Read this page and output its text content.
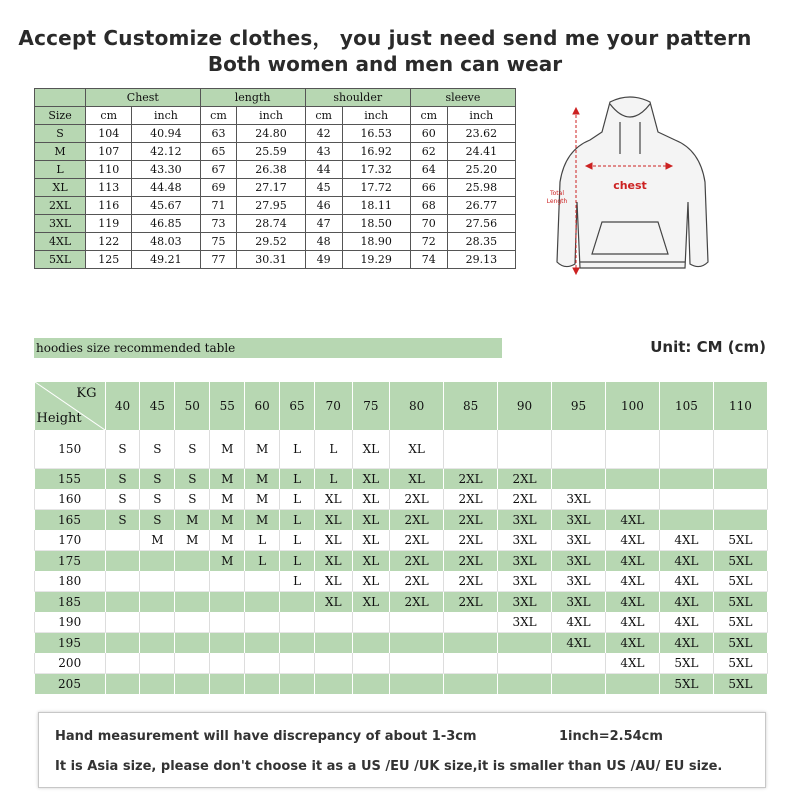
Accept Customize clothes， you just need send me your pattern
Both women and men can wear
	Chest		length		shoulder		sleeve	
Size	cm	inch	cm	inch	cm	inch	cm	inch
S	104	40.94	63	24.80	42	16.53	60	23.62
M	107	42.12	65	25.59	43	16.92	62	24.41
L	110	43.30	67	26.38	44	17.32	64	25.20
XL	113	44.48	69	27.17	45	17.72	66	25.98
2XL	116	45.67	71	27.95	46	18.11	68	26.77
3XL	119	46.85	73	28.74	47	18.50	70	27.56
4XL	122	48.03	75	29.52	48	18.90	72	28.35
5XL	125	49.21	77	30.31	49	19.29	74	29.13
chest
Total
Length
hoodies size recommended table	Unit: CM (cm)
KG
Height	40	45	50	55	60	65	70	75	80	85	90	95	100	105	110
150	S	S	S	M	M	L	L	XL	XL						
155	S	S	S	M	M	L	L	XL	XL	2XL	2XL				
160	S	S	S	M	M	L	XL	XL	2XL	2XL	2XL	3XL			
165	S	S	M	M	M	L	XL	XL	2XL	2XL	3XL	3XL	4XL		
170		M	M	M	L	L	XL	XL	2XL	2XL	3XL	3XL	4XL	4XL	5XL
175				M	L	L	XL	XL	2XL	2XL	3XL	3XL	4XL	4XL	5XL
180						L	XL	XL	2XL	2XL	3XL	3XL	4XL	4XL	5XL
185							XL	XL	2XL	2XL	3XL	3XL	4XL	4XL	5XL
190											3XL	4XL	4XL	4XL	5XL
195												4XL	4XL	4XL	5XL
200													4XL	5XL	5XL
205														5XL	5XL
Hand measurement will have discrepancy of about 1-3cm	1inch=2.54cm
It is Asia size, please don't choose it as a US /EU /UK size,it is smaller than US /AU/ EU size.
